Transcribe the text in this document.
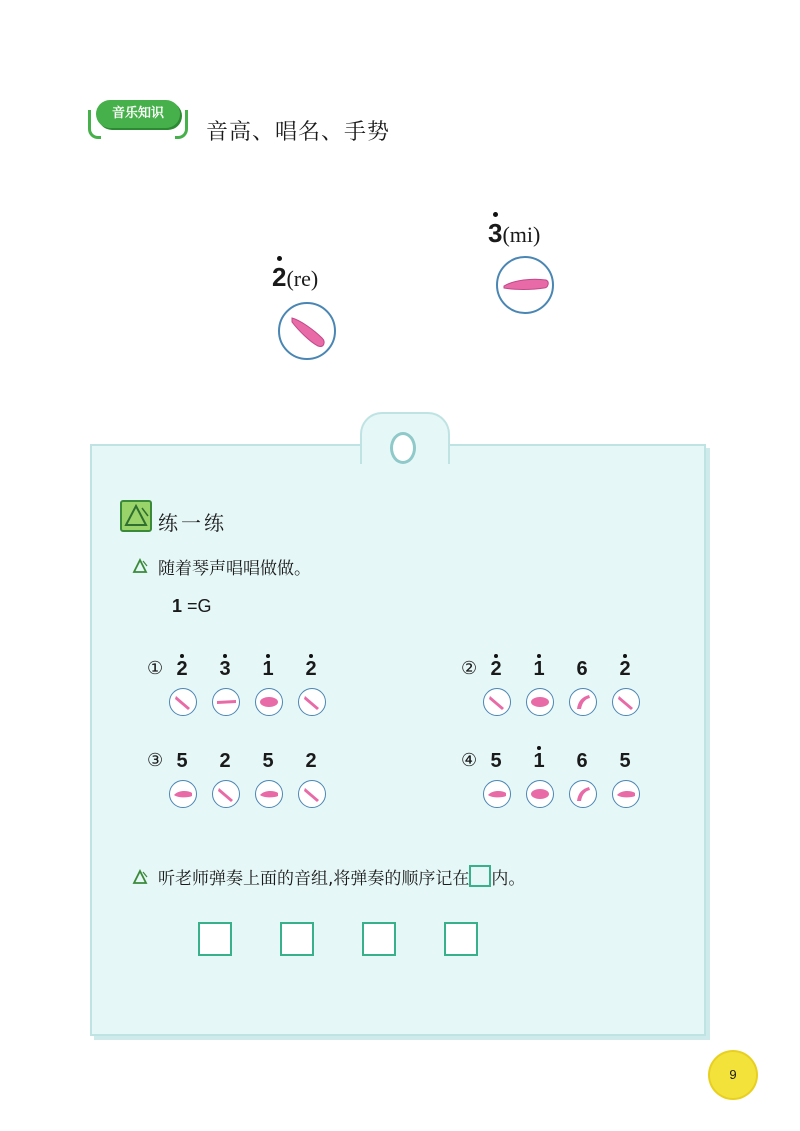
音乐知识
音高、唱名、手势
2(re)
3(mi)
练一练
随着琴声唱唱做做。
1 =G
① 2 3 1 2	② 2 1 6 2
③ 5 2 5 2	④ 5 1 6 5
听老师弹奏上面的音组,将弹奏的顺序记在 内。
9
